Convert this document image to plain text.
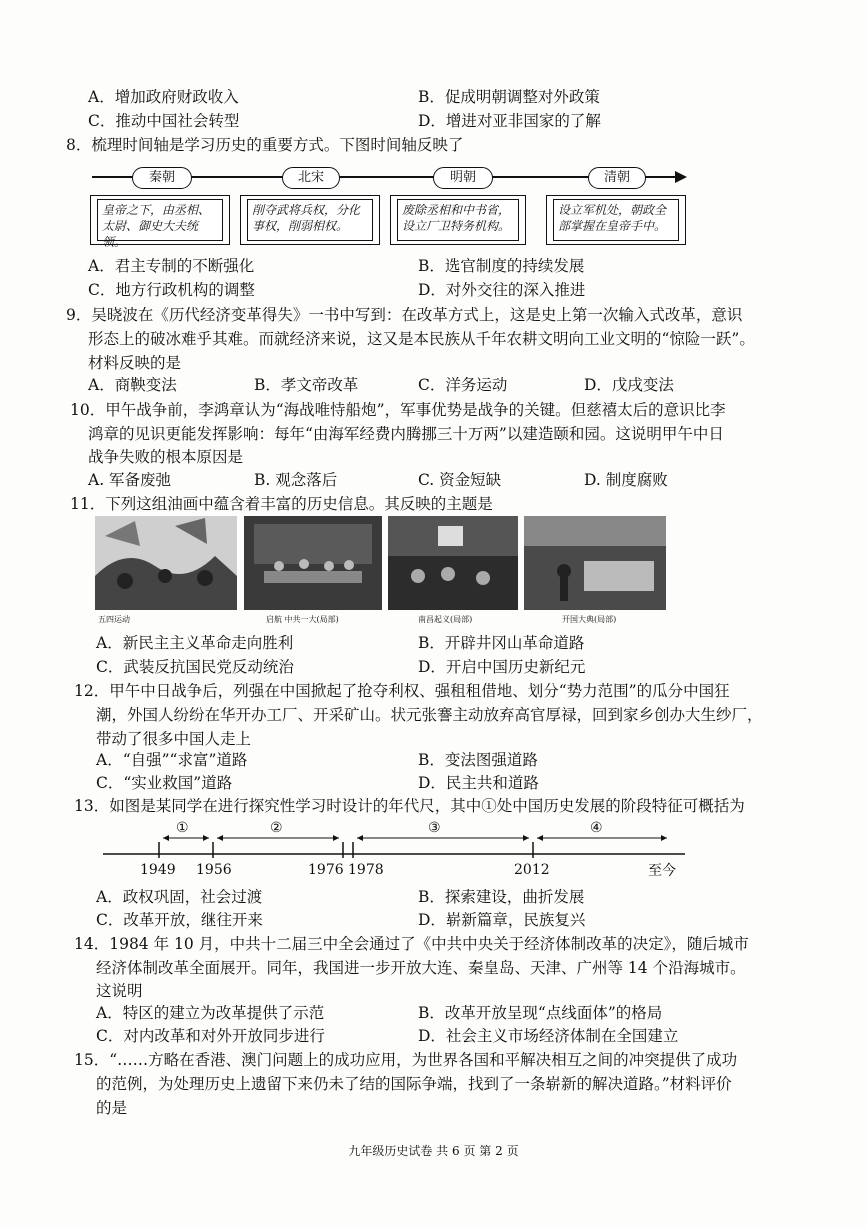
A．增加政府财政收入	B．促成明朝调整对外政策
C．推动中国社会转型	D．增进对亚非国家的了解
8．梳理时间轴是学习历史的重要方式。下图时间轴反映了
秦朝	北宋	明朝	清朝
皇帝之下，由丞相、太尉、御史大夫统领。
削夺武将兵权，分化事权，削弱相权。
废除丞相和中书省，设立厂卫特务机构。
设立军机处，朝政全部掌握在皇帝手中。
A．君主专制的不断强化	B．选官制度的持续发展
C．地方行政机构的调整	D．对外交往的深入推进
9．吴晓波在《历代经济变革得失》一书中写到：在改革方式上，这是史上第一次输入式改革，意识
形态上的破冰难乎其难。而就经济来说，这又是本民族从千年农耕文明向工业文明的“惊险一跃”。
材料反映的是
A．商鞅变法	B．孝文帝改革	C．洋务运动	D．戊戌变法
10．甲午战争前，李鸿章认为“海战唯恃船炮”，军事优势是战争的关键。但慈禧太后的意识比李
鸿章的见识更能发挥影响：每年“由海军经费内腾挪三十万两”以建造颐和园。这说明甲午中日
战争失败的根本原因是
A. 军备废弛	B. 观念落后	C. 资金短缺	D. 制度腐败
11．下列这组油画中蕴含着丰富的历史信息。其反映的主题是
五四运动	启航 中共一大(局部)	南昌起义(局部)	开国大典(局部)
A．新民主主义革命走向胜利	B．开辟井冈山革命道路
C．武装反抗国民党反动统治	D．开启中国历史新纪元
12．甲午中日战争后，列强在中国掀起了抢夺利权、强租租借地、划分“势力范围”的瓜分中国狂
潮，外国人纷纷在华开办工厂、开采矿山。状元张謇主动放弃高官厚禄，回到家乡创办大生纱厂，
带动了很多中国人走上
A．“自强”“求富”道路	B．变法图强道路
C．“实业救国”道路	D．民主共和道路
13．如图是某同学在进行探究性学习时设计的年代尺，其中①处中国历史发展的阶段特征可概括为
①	②	③	④
1949 1956	1976 1978	2012	至今
A．政权巩固，社会过渡	B．探索建设，曲折发展
C．改革开放，继往开来	D．崭新篇章，民族复兴
14．1984 年 10 月，中共十二届三中全会通过了《中共中央关于经济体制改革的决定》，随后城市
经济体制改革全面展开。同年，我国进一步开放大连、秦皇岛、天津、广州等 14 个沿海城市。
这说明
A．特区的建立为改革提供了示范	B．改革开放呈现“点线面体”的格局
C．对内改革和对外开放同步进行	D．社会主义市场经济体制在全国建立
15．“……方略在香港、澳门问题上的成功应用，为世界各国和平解决相互之间的冲突提供了成功
的范例，为处理历史上遗留下来仍未了结的国际争端，找到了一条崭新的解决道路。”材料评价
的是
九年级历史试卷 共 6 页 第 2 页
